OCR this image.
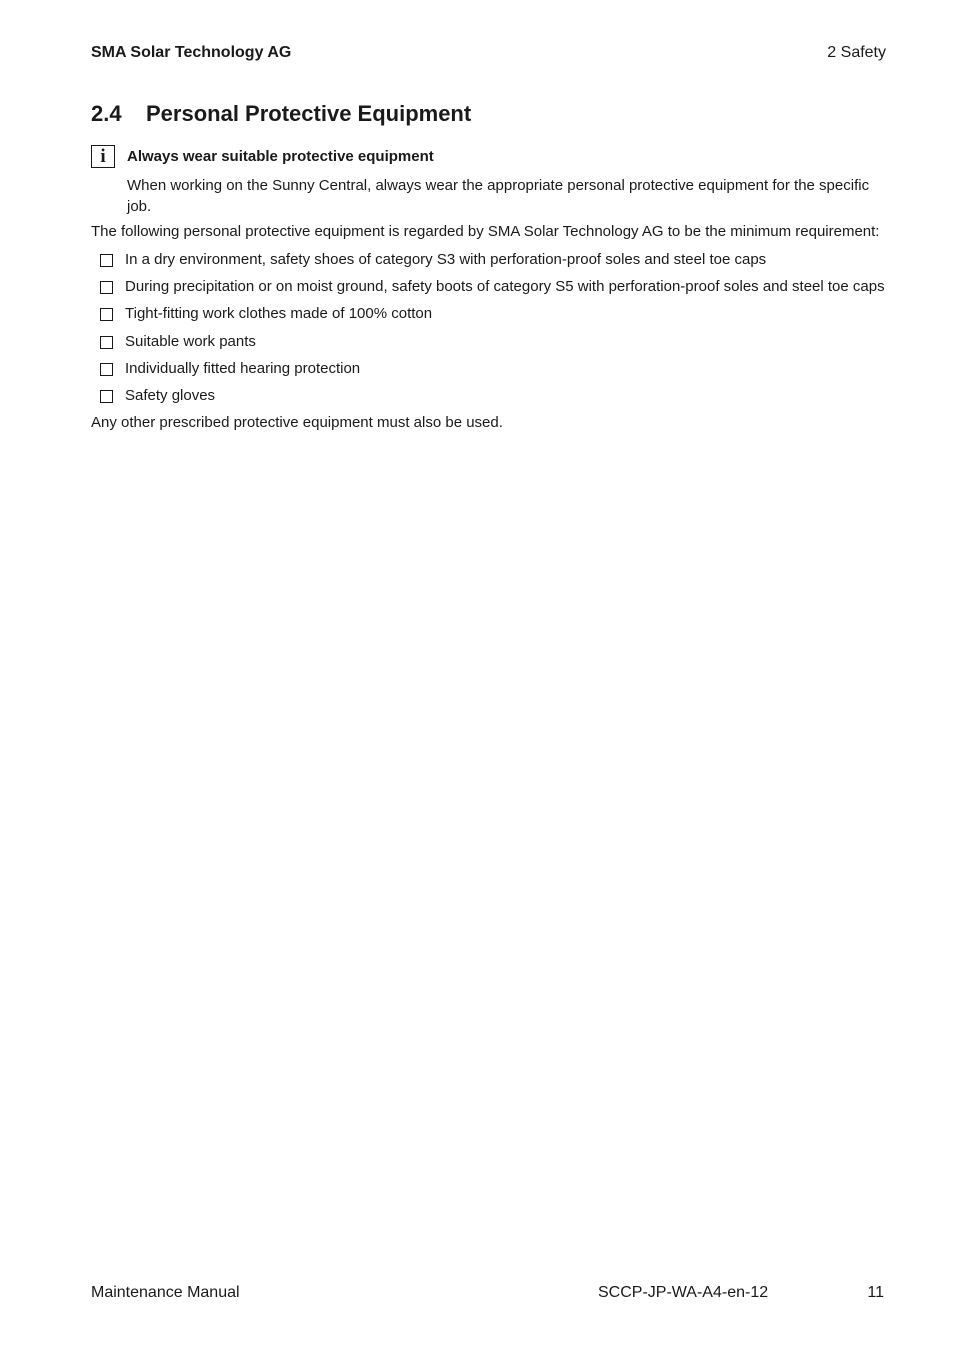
SMA Solar Technology AG	2 Safety
2.4 Personal Protective Equipment
i	Always wear suitable protective equipment

When working on the Sunny Central, always wear the appropriate personal protective equipment for the specific job.

The following personal protective equipment is regarded by SMA Solar Technology AG to be the minimum requirement:

In a dry environment, safety shoes of category S3 with perforation-proof soles and steel toe caps
During precipitation or on moist ground, safety boots of category S5 with perforation-proof soles and steel toe caps
Tight-fitting work clothes made of 100% cotton
Suitable work pants
Individually fitted hearing protection
Safety gloves

Any other prescribed protective equipment must also be used.

Maintenance Manual	SCCP-JP-WA-A4-en-12	11
